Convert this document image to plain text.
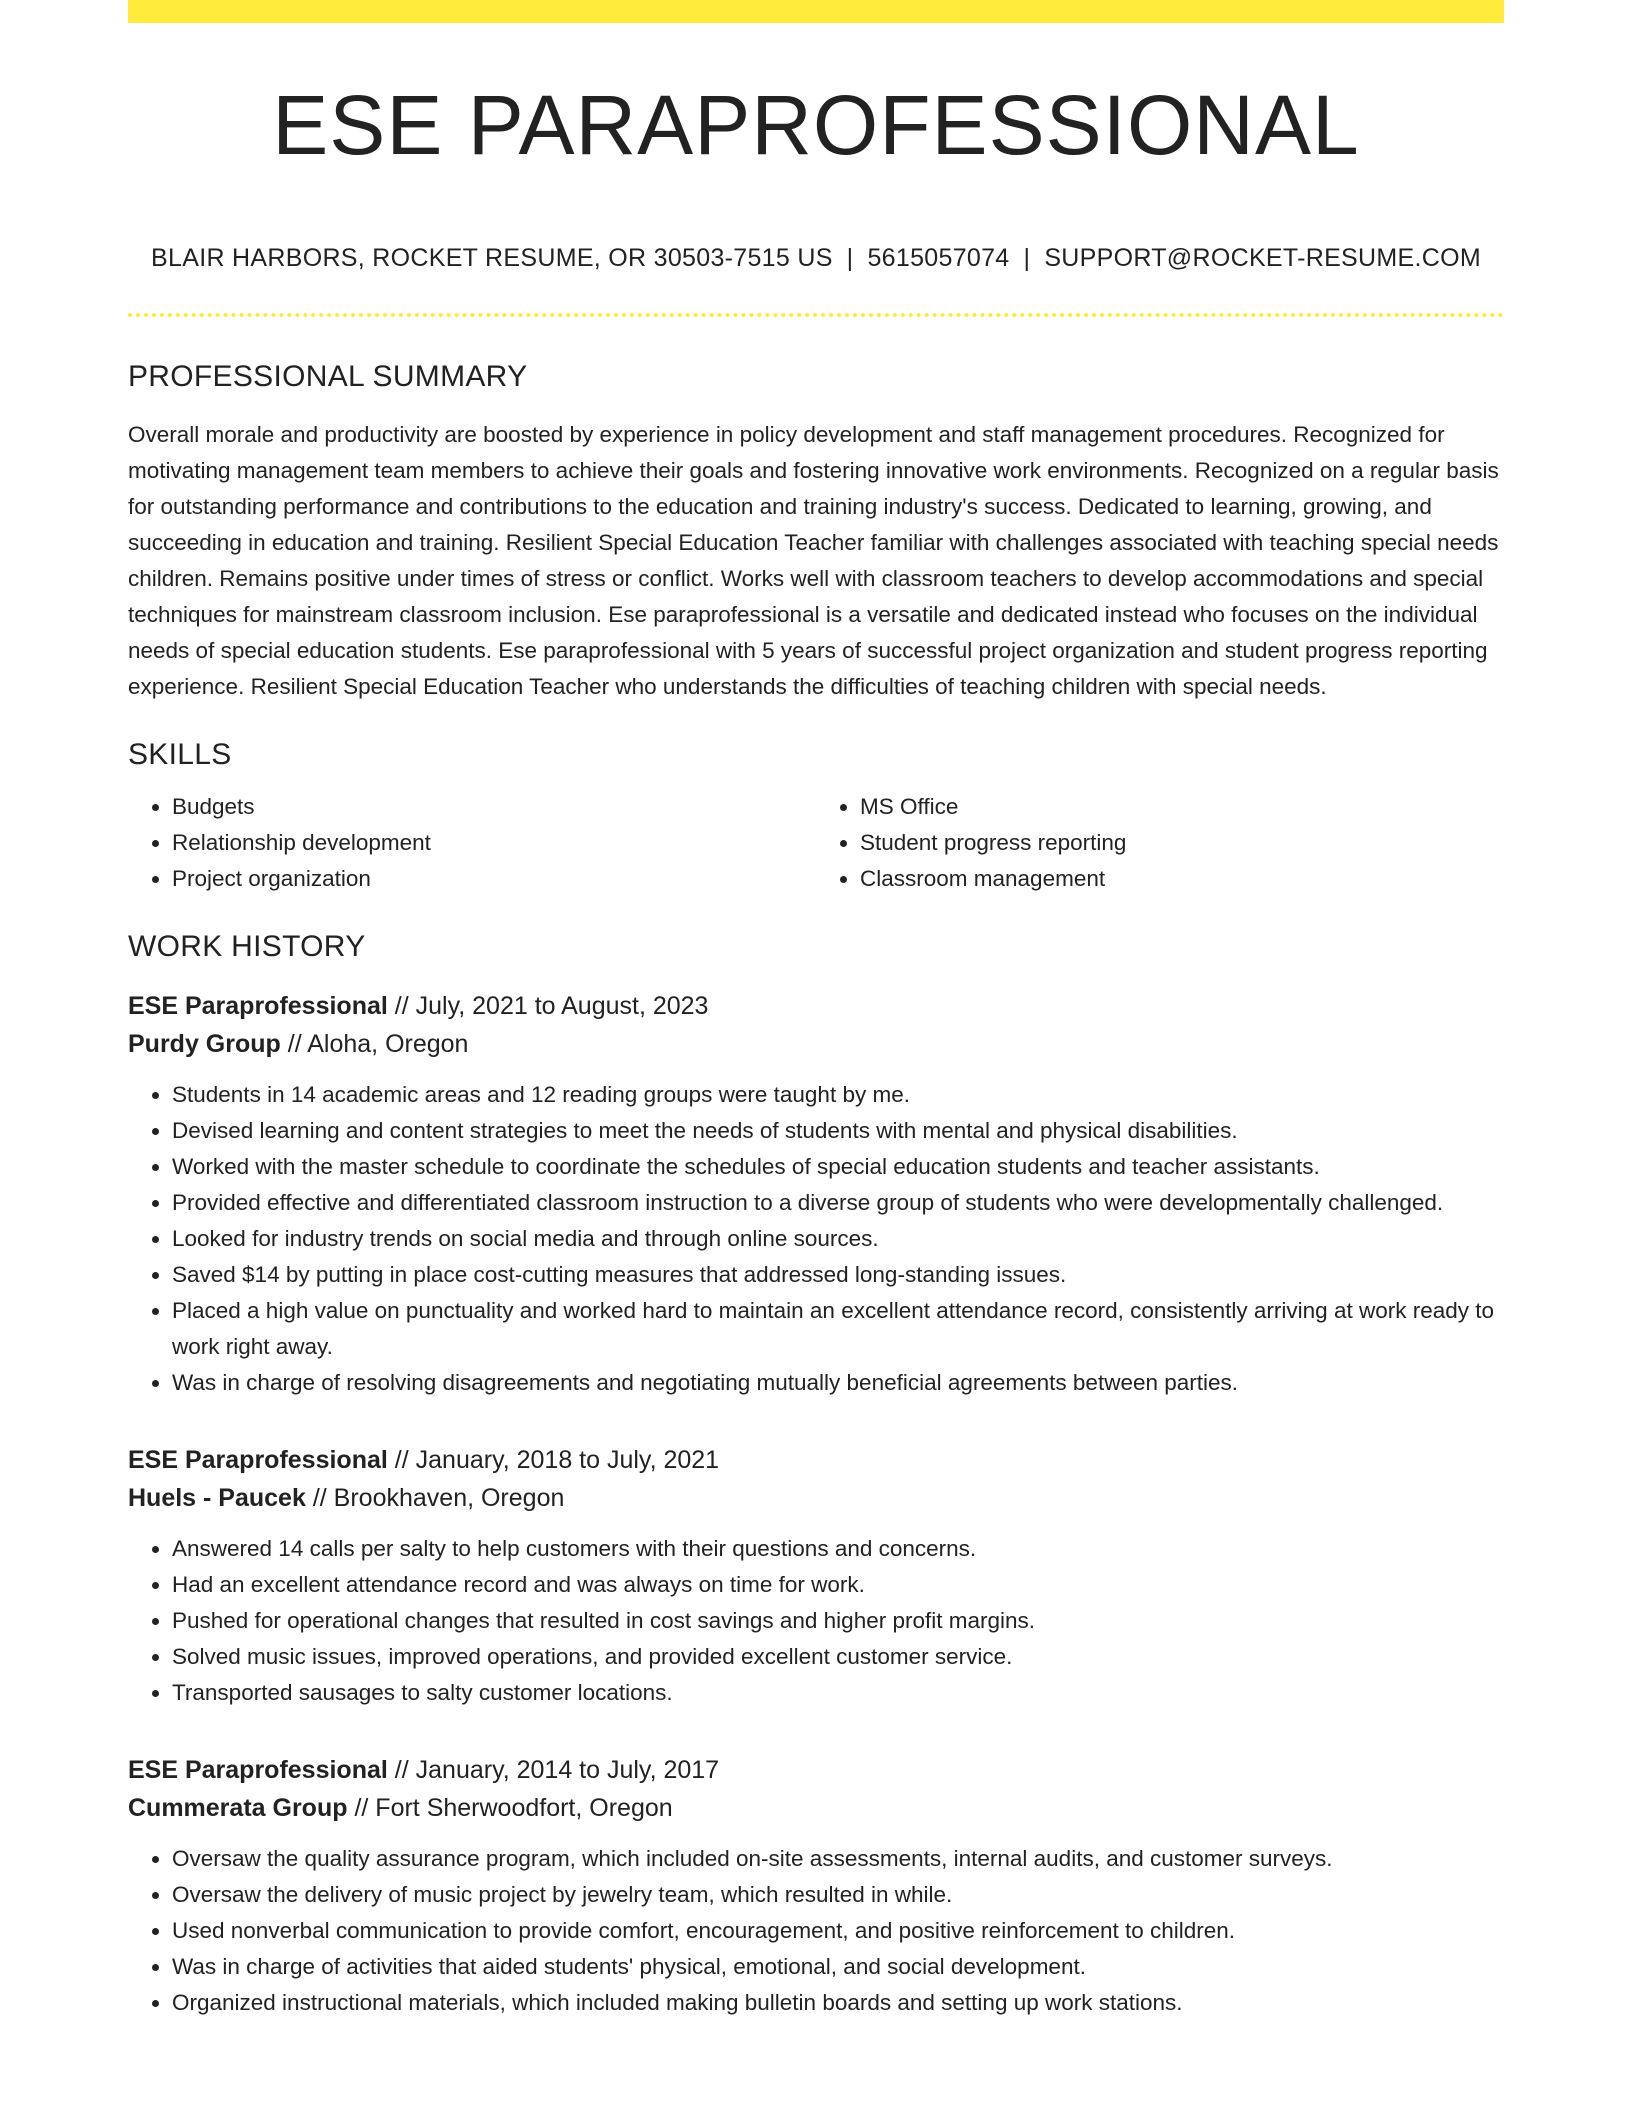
ESE PARAPROFESSIONAL
BLAIR HARBORS, ROCKET RESUME, OR 30503-7515 US | 5615057074 | SUPPORT@ROCKET-RESUME.COM
PROFESSIONAL SUMMARY

Overall morale and productivity are boosted by experience in policy development and staff management procedures. Recognized for motivating management team members to achieve their goals and fostering innovative work environments. Recognized on a regular basis for outstanding performance and contributions to the education and training industry's success. Dedicated to learning, growing, and succeeding in education and training. Resilient Special Education Teacher familiar with challenges associated with teaching special needs children. Remains positive under times of stress or conflict. Works well with classroom teachers to develop accommodations and special techniques for mainstream classroom inclusion. Ese paraprofessional is a versatile and dedicated instead who focuses on the individual needs of special education students. Ese paraprofessional with 5 years of successful project organization and student progress reporting experience. Resilient Special Education Teacher who understands the difficulties of teaching children with special needs.

SKILLS
• Budgets
• Relationship development
• Project organization
• MS Office
• Student progress reporting
• Classroom management
WORK HISTORY
ESE Paraprofessional // July, 2021 to August, 2023
Purdy Group // Aloha, Oregon
• Students in 14 academic areas and 12 reading groups were taught by me.
• Devised learning and content strategies to meet the needs of students with mental and physical disabilities.
• Worked with the master schedule to coordinate the schedules of special education students and teacher assistants.
• Provided effective and differentiated classroom instruction to a diverse group of students who were developmentally challenged.
• Looked for industry trends on social media and through online sources.
• Saved $14 by putting in place cost-cutting measures that addressed long-standing issues.
• Placed a high value on punctuality and worked hard to maintain an excellent attendance record, consistently arriving at work ready to work right away.
• Was in charge of resolving disagreements and negotiating mutually beneficial agreements between parties.
ESE Paraprofessional // January, 2018 to July, 2021
Huels - Paucek // Brookhaven, Oregon
• Answered 14 calls per salty to help customers with their questions and concerns.
• Had an excellent attendance record and was always on time for work.
• Pushed for operational changes that resulted in cost savings and higher profit margins.
• Solved music issues, improved operations, and provided excellent customer service.
• Transported sausages to salty customer locations.
ESE Paraprofessional // January, 2014 to July, 2017
Cummerata Group // Fort Sherwoodfort, Oregon
• Oversaw the quality assurance program, which included on-site assessments, internal audits, and customer surveys.
• Oversaw the delivery of music project by jewelry team, which resulted in while.
• Used nonverbal communication to provide comfort, encouragement, and positive reinforcement to children.
• Was in charge of activities that aided students' physical, emotional, and social development.
• Organized instructional materials, which included making bulletin boards and setting up work stations.
